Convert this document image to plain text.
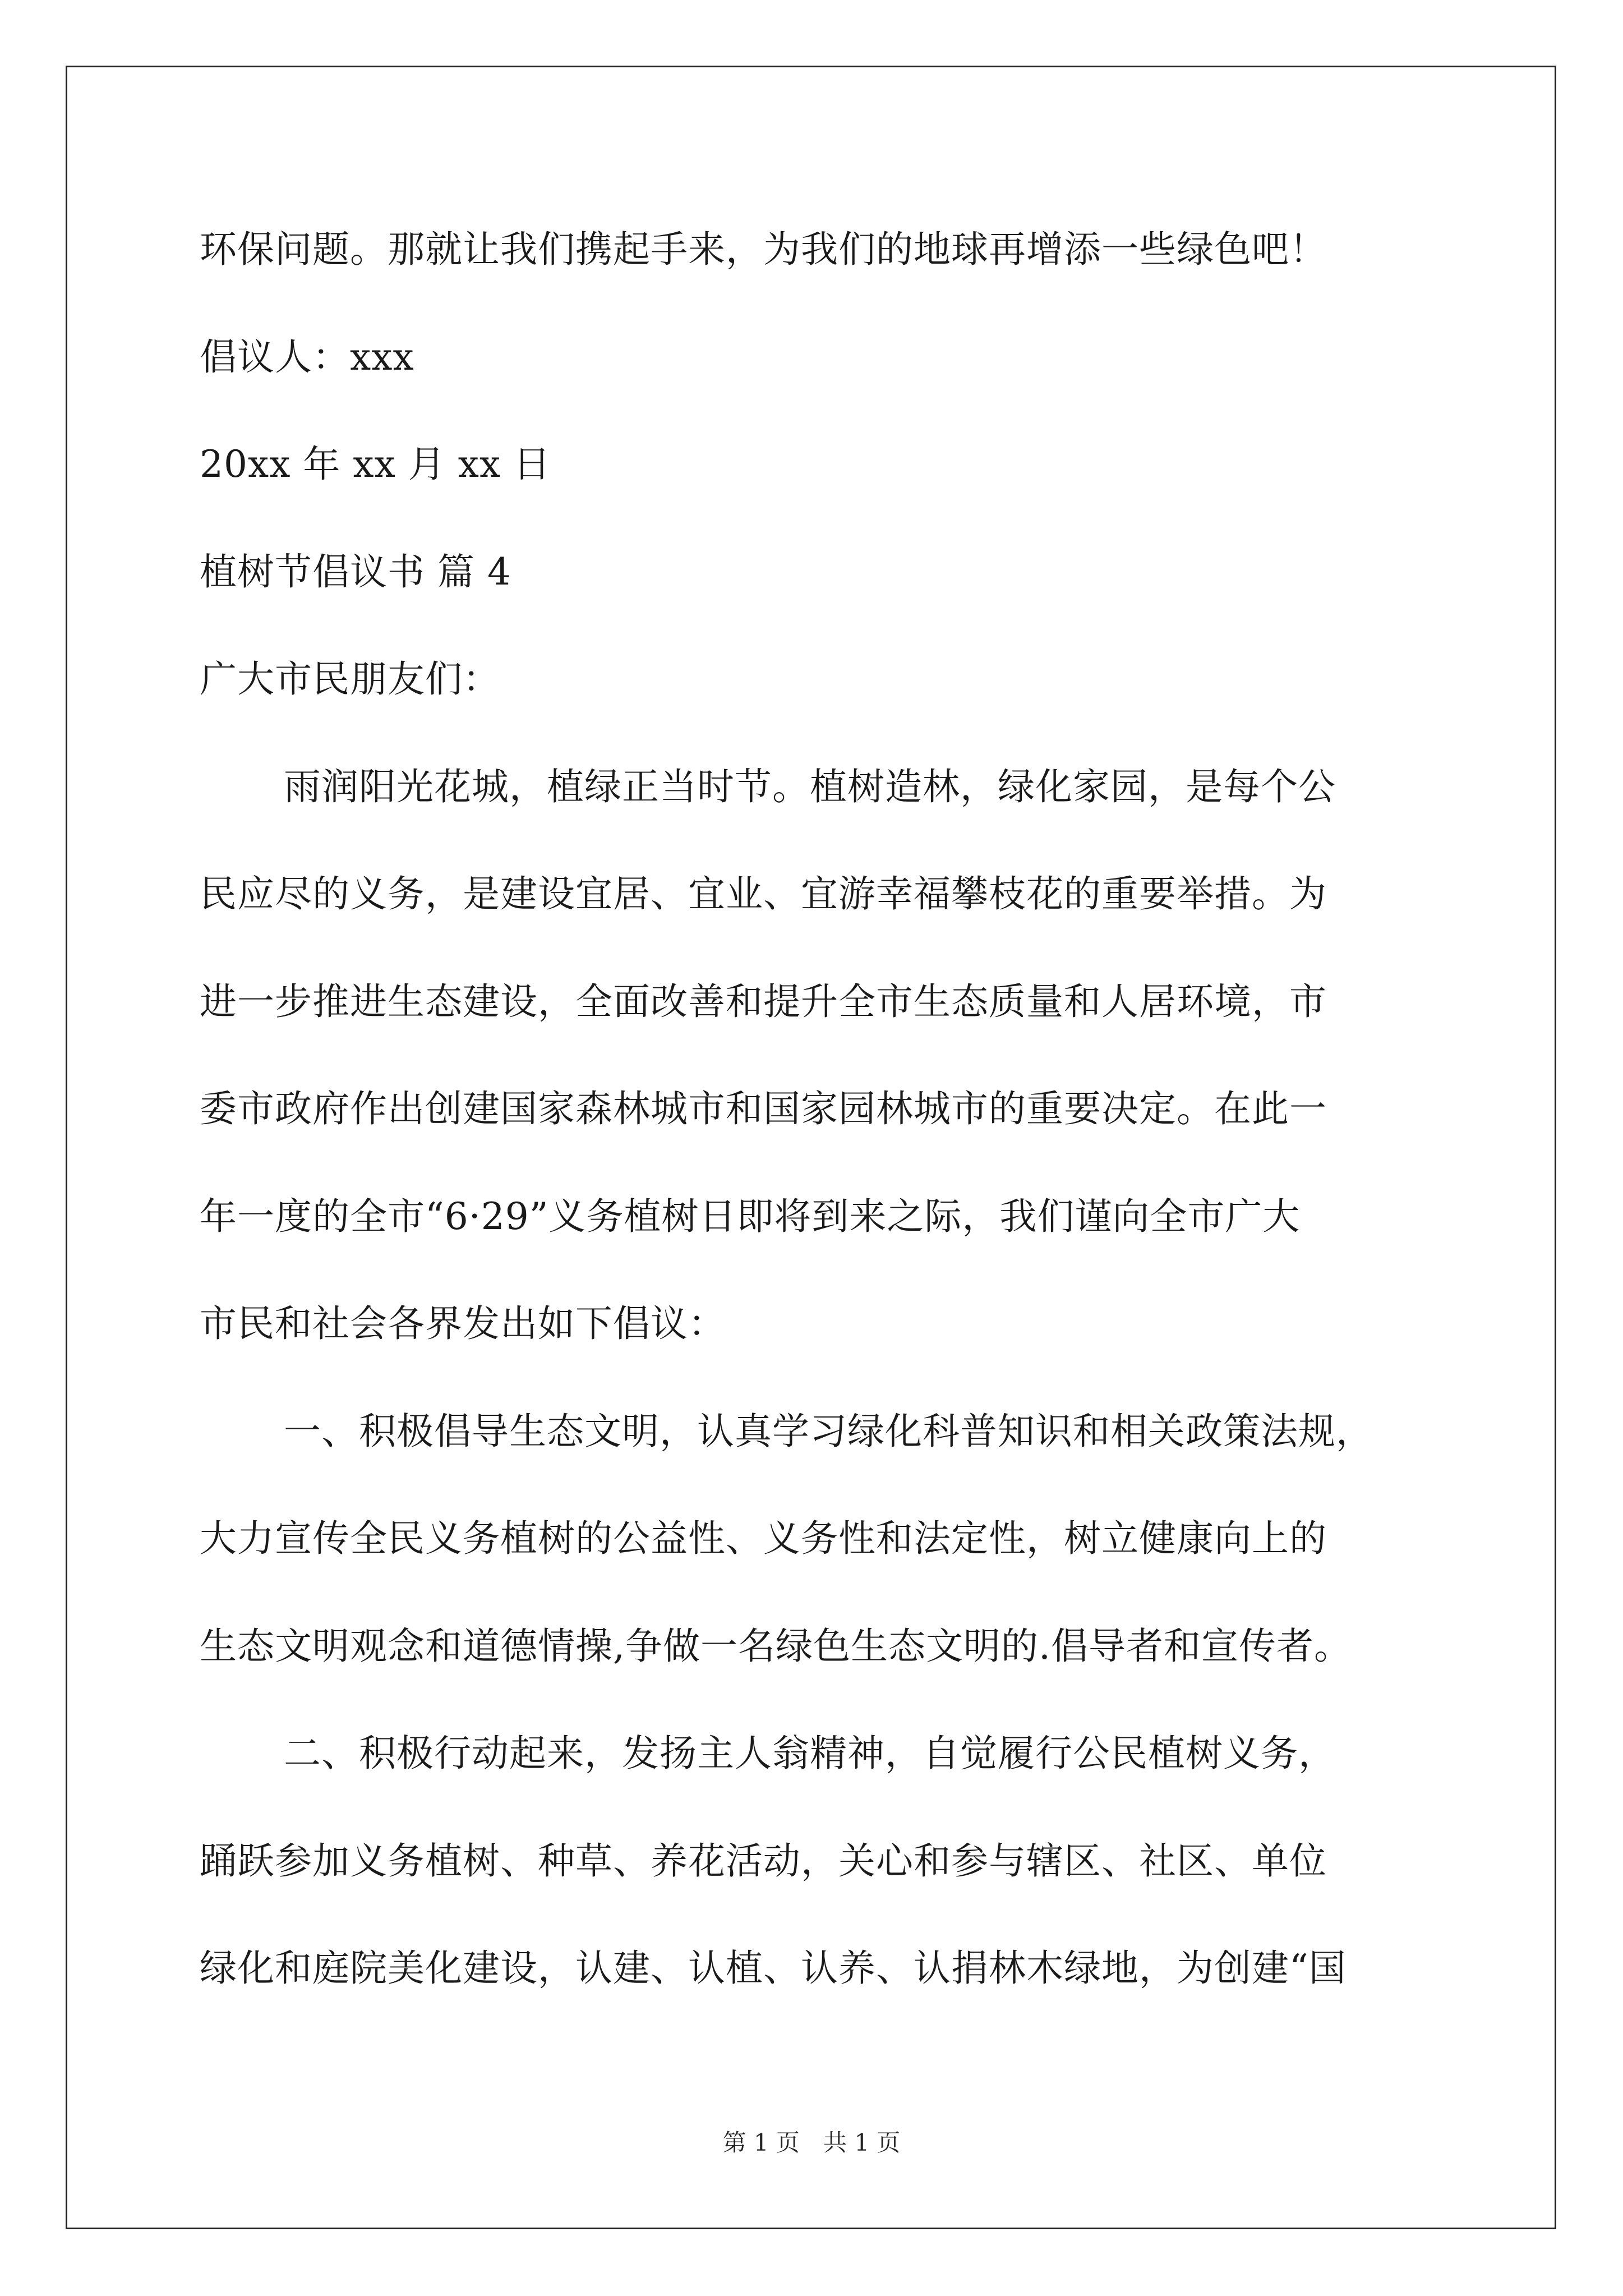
环保问题。那就让我们携起手来，为我们的地球再增添一些绿色吧！
倡议人：xxx
20xx 年 xx 月 xx 日
植树节倡议书 篇 4
广大市民朋友们：
雨润阳光花城，植绿正当时节。植树造林，绿化家园，是每个公
民应尽的义务，是建设宜居、宜业、宜游幸福攀枝花的重要举措。为
进一步推进生态建设，全面改善和提升全市生态质量和人居环境，市
委市政府作出创建国家森林城市和国家园林城市的重要决定。在此一
年一度的全市“6·29”义务植树日即将到来之际，我们谨向全市广大
市民和社会各界发出如下倡议：
一、积极倡导生态文明，认真学习绿化科普知识和相关政策法规，
大力宣传全民义务植树的公益性、义务性和法定性，树立健康向上的
生态文明观念和道德情操,争做一名绿色生态文明的.倡导者和宣传者。
二、积极行动起来，发扬主人翁精神，自觉履行公民植树义务，
踊跃参加义务植树、种草、养花活动，关心和参与辖区、社区、单位
绿化和庭院美化建设，认建、认植、认养、认捐林木绿地，为创建“国
第 1 页　共 1 页
